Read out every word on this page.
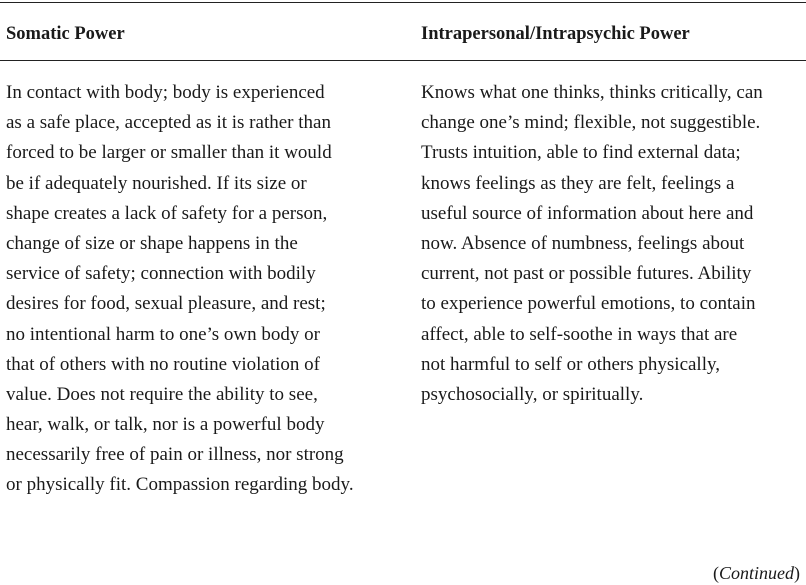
Somatic Power	Intrapersonal/Intrapsychic Power
In contact with body; body is experienced
as a safe place, accepted as it is rather than
forced to be larger or smaller than it would
be if adequately nourished. If its size or
shape creates a lack of safety for a person,
change of size or shape happens in the
service of safety; connection with bodily
desires for food, sexual pleasure, and rest;
no intentional harm to one’s own body or
that of others with no routine violation of
value. Does not require the ability to see,
hear, walk, or talk, nor is a powerful body
necessarily free of pain or illness, nor strong
or physically fit. Compassion regarding body.
Knows what one thinks, thinks critically, can
change one’s mind; flexible, not suggestible.
Trusts intuition, able to find external data;
knows feelings as they are felt, feelings a
useful source of information about here and
now. Absence of numbness, feelings about
current, not past or possible futures. Ability
to experience powerful emotions, to contain
affect, able to self-soothe in ways that are
not harmful to self or others physically,
psychosocially, or spiritually.
(Continued)
